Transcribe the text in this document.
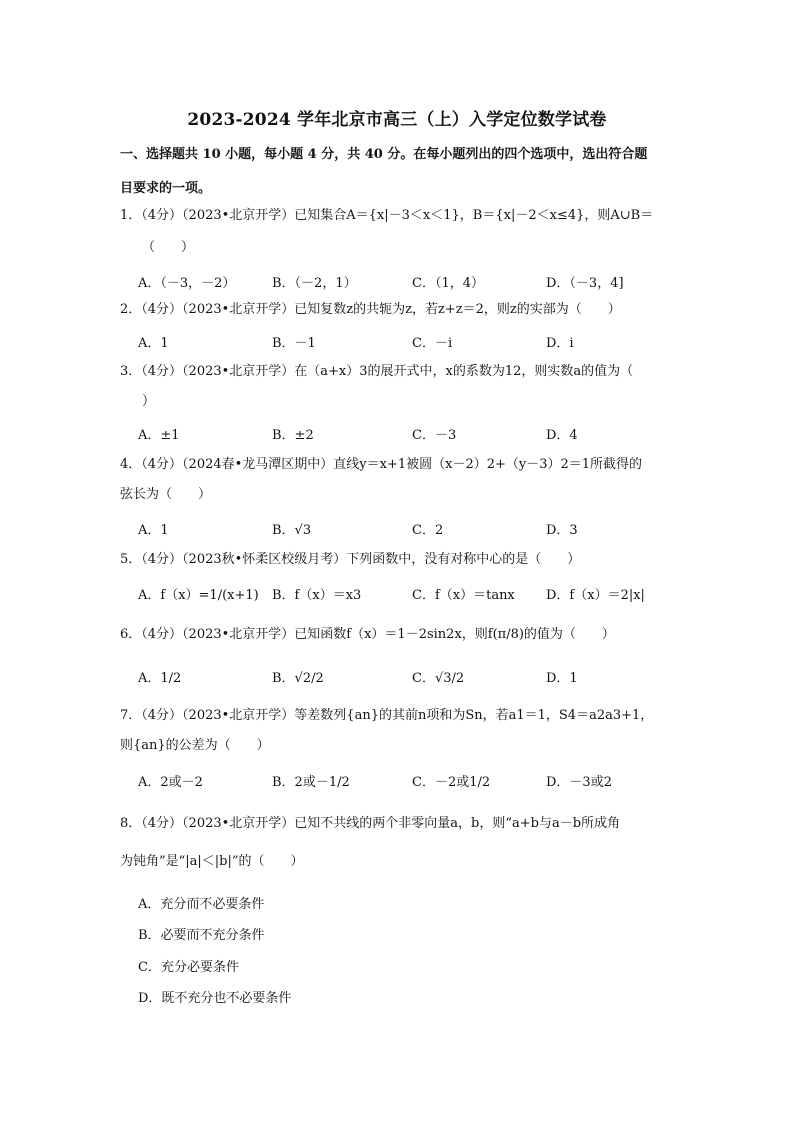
2023-2024 学年北京市高三（上）入学定位数学试卷
一、选择题共 10 小题，每小题 4 分，共 40 分。在每小题列出的四个选项中，选出符合题
目要求的一项。
1．（4分）（2023•北京开学）已知集合A＝{x|－3＜x＜1}，B＝{x|－2＜x≤4}，则A∪B＝
（　　）
A．（－3，－2）	B．（－2，1）	C．（1，4）	D．（－3，4]
2．（4分）（2023•北京开学）已知复数z的共轭为z，若z+z＝2，则z的实部为（　　）
A．1	B．－1	C．－i	D．i
3．（4分）（2023•北京开学）在（a+x）3的展开式中，x的系数为12，则实数a的值为（
）
A．±1	B．±2	C．－3	D．4
4．（4分）（2024春•龙马潭区期中）直线y＝x+1被圆（x－2）2+（y－3）2＝1所截得的
弦长为（　　）
A．1	B．√3	C．2	D．3
5．（4分）（2023秋•怀柔区校级月考）下列函数中，没有对称中心的是（　　）
A．f（x）=1/(x+1) B．f（x）＝x3	C．f（x）＝tanx D．f（x）＝2|x|
6．（4分）（2023•北京开学）已知函数f（x）＝1－2sin2x，则f(π/8)的值为（　　）
A．1/2	B．√2/2	C．√3/2	D．1
7．（4分）（2023•北京开学）等差数列{an}的其前n项和为Sn，若a1＝1，S4＝a2a3+1，
则{an}的公差为（　　）
A．2或－2	B．2或－1/2	C．－2或1/2	D．－3或2
8．（4分）（2023•北京开学）已知不共线的两个非零向量a，b，则“a+b与a－b所成角
为钝角”是“|a|＜|b|”的（　　）
A．充分而不必要条件
B．必要而不充分条件
C．充分必要条件
D．既不充分也不必要条件
